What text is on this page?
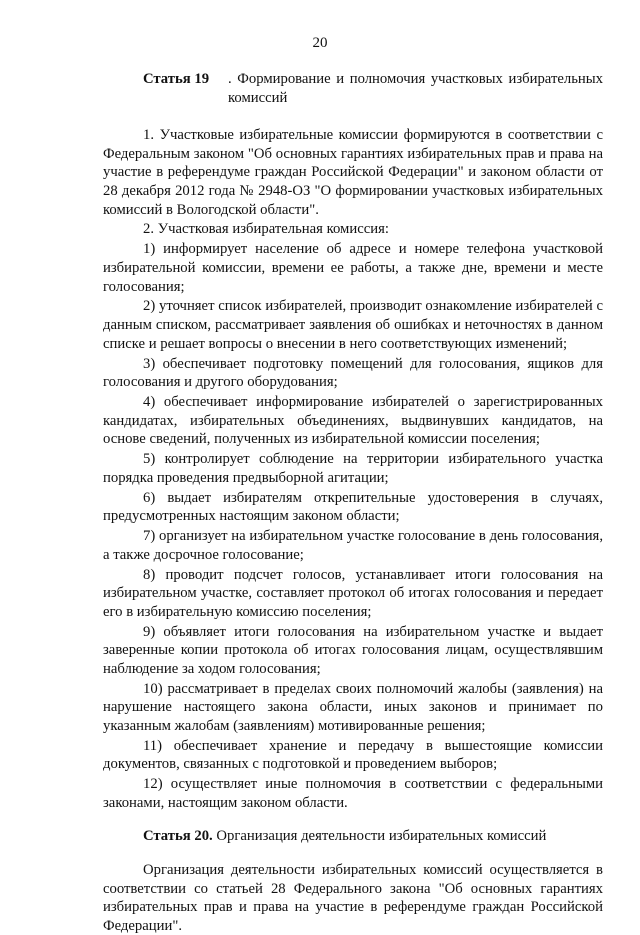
20
Статья 19	. Формирование и полномочия участковых избирательных комиссий

1. Участковые избирательные комиссии формируются в соответствии с Федеральным законом "Об основных гарантиях избирательных прав и права на участие в референдуме граждан Российской Федерации" и законом области от 28 декабря 2012 года № 2948-ОЗ "О формировании участковых избирательных комиссий в Вологодской области".

2. Участковая избирательная комиссия:

1) информирует население об адресе и номере телефона участковой избирательной комиссии, времени ее работы, а также дне, времени и месте голосования;

2) уточняет список избирателей, производит ознакомление избирателей с данным списком, рассматривает заявления об ошибках и неточностях в данном списке и решает вопросы о внесении в него соответствующих изменений;

3) обеспечивает подготовку помещений для голосования, ящиков для голосования и другого оборудования;

4) обеспечивает информирование избирателей о зарегистрированных кандидатах, избирательных объединениях, выдвинувших кандидатов, на основе сведений, полученных из избирательной комиссии поселения;

5) контролирует соблюдение на территории избирательного участка порядка проведения предвыборной агитации;

6) выдает избирателям открепительные удостоверения в случаях, предусмотренных настоящим законом области;

7) организует на избирательном участке голосование в день голосования, а также досрочное голосование;

8) проводит подсчет голосов, устанавливает итоги голосования на избирательном участке, составляет протокол об итогах голосования и передает его в избирательную комиссию поселения;

9) объявляет итоги голосования на избирательном участке и выдает заверенные копии протокола об итогах голосования лицам, осуществлявшим наблюдение за ходом голосования;

10) рассматривает в пределах своих полномочий жалобы (заявления) на нарушение настоящего закона области, иных законов и принимает по указанным жалобам (заявлениям) мотивированные решения;

11) обеспечивает хранение и передачу в вышестоящие комиссии документов, связанных с подготовкой и проведением выборов;

12) осуществляет иные полномочия в соответствии с федеральными законами, настоящим законом области.

Статья 20. Организация деятельности избирательных комиссий

Организация деятельности избирательных комиссий осуществляется в соответствии со статьей 28 Федерального закона "Об основных гарантиях избирательных прав и права на участие в референдуме граждан Российской Федерации".
